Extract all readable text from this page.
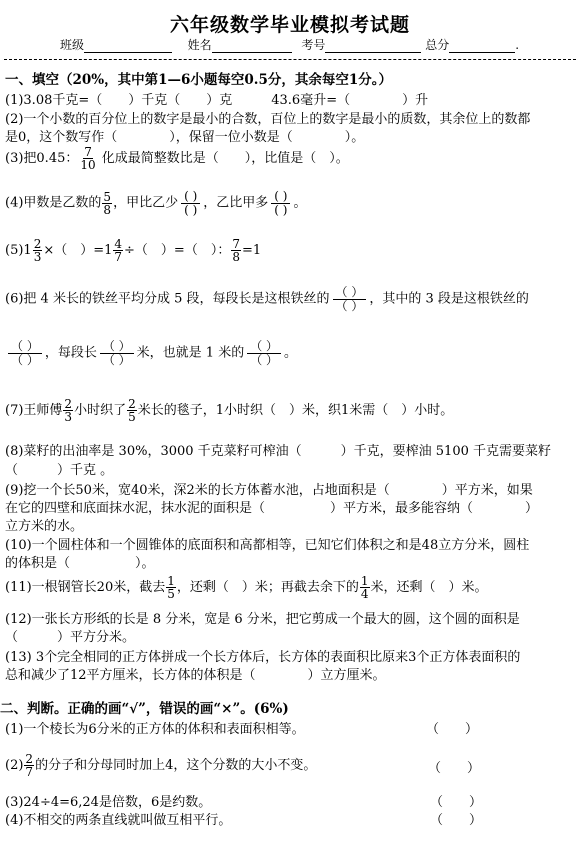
六年级数学毕业模拟考试题
班级	姓名	考号	总分	.
一、填空（20%，其中第1—6小题每空0.5分，其余每空1分。）
(1)3.08千克=（　　）千克（　　）克　　　43.6毫升=（　　　　）升
(2)一个小数的百分位上的数字是最小的合数，百位上的数字是最小的质数，其余位上的数都
是0，这个数写作（　　　　），保留一位小数是（　　　　）。
(3)把0.45： $\frac{7}{10}$ 化成最简整数比是（　　），比值是（　）。
(4)甲数是乙数的 $\frac{5}{8}$ ，甲比乙少 ( )
( ) ，乙比甲多 ( )
( ) 。
$(5)1 \frac{2}{3}$ ×（　）$=1 \frac{4}{7}$ ÷（　）=（　）： $\frac{7}{8} =1$
(6)把 4 米长的铁丝平均分成 5 段，每段长是这根铁丝的 （ ）
（ ） ，其中的 3 段是这根铁丝的
（ ）
（ ） ，每段长 （ ）
（ ） 米，也就是 1 米的 （ ）
（ ） 。
(7)王师傅 $\frac{2}{3}$ 小时织了 $\frac{2}{5}$ 米长的毯子，1小时织（　）米，织1米需（　）小时。
(8)菜籽的出油率是 30%，3000 千克菜籽可榨油（　　　）千克，要榨油 5100 千克需要菜籽
（　　　）千克 。
(9)挖一个长50米，宽40米，深2米的长方体蓄水池，占地面积是（　　　　）平方米，如果
在它的四壁和底面抹水泥，抹水泥的面积是（　　　　　）平方米，最多能容纳（　　　　）
立方米的水。
(10)一个圆柱体和一个圆锥体的底面积和高都相等，已知它们体积之和是48立方分米，圆柱
的体积是（　　　　　）。
(11)一根钢管长20米，截去 $\frac{1}{5}$ ，还剩（　）米；再截去余下的 $\frac{1}{4}$ 米，还剩（　）米。
(12)一张长方形纸的长是 8 分米，宽是 6 分米，把它剪成一个最大的圆，这个圆的面积是
（　　　）平方分米。
(13) 3个完全相同的正方体拼成一个长方体后，长方体的表面积比原来3个正方体表面积的
总和减少了12平方厘米，长方体的体积是（　　　　）立方厘米。
二、判断。正确的画“√”，错误的画“×”。(6%)
(1)一个棱长为6分米的正方体的体积和表面积相等。	（　　）
$(2) \frac{2}{7}$ 的分子和分母同时加上4，这个分数的大小不变。	（　　）
(3)24÷4=6,24是倍数，6是约数。	（　　）
(4)不相交的两条直线就叫做互相平行。	（　　）
